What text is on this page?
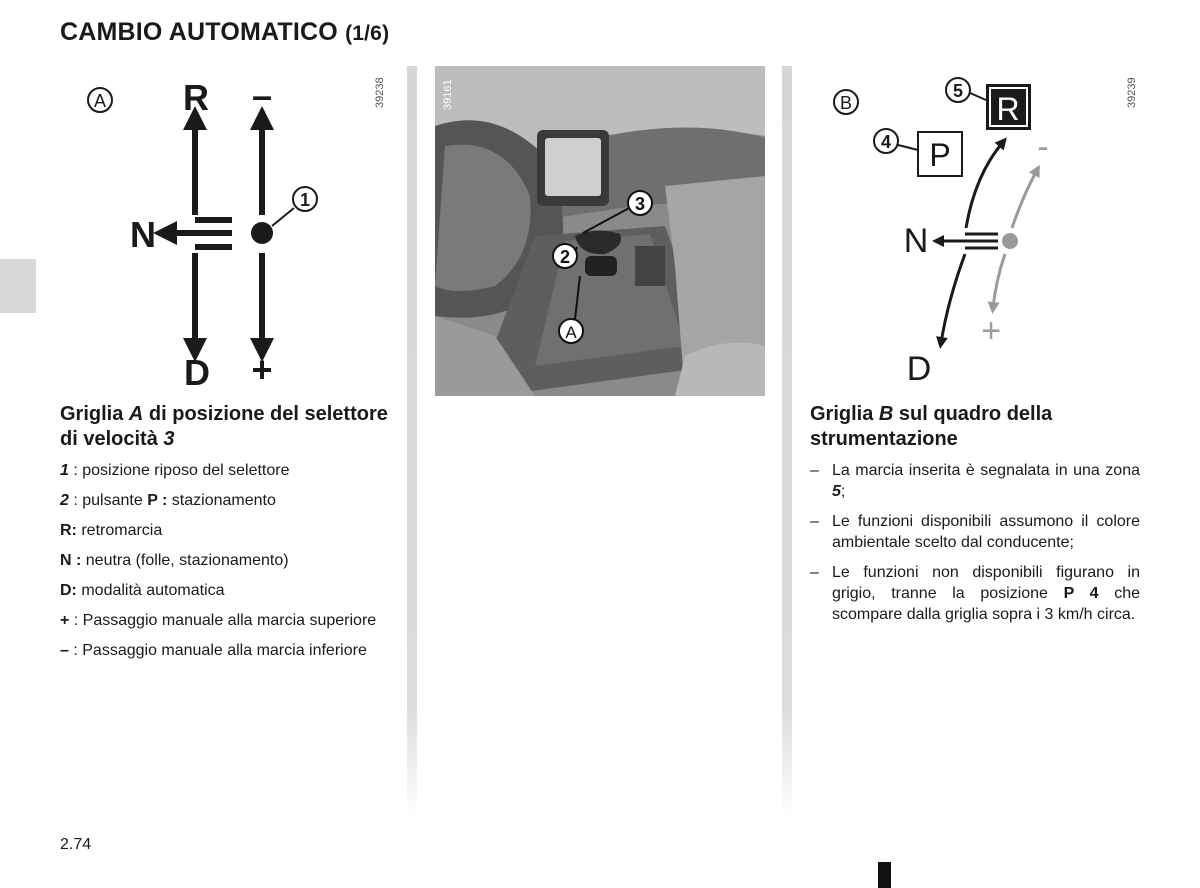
CAMBIO AUTOMATICO (1/6)
A R –
N
D +
1
39238	39161
3
2
A
B
5 R
4 P	-
N
D
+
39239
Griglia A di posizione del selettore di velocità 3

1 : posizione riposo del selettore

2 : pulsante P : stazionamento

R: retromarcia

N : neutra (folle, stazionamento)

D: modalità automatica

+ : Passaggio manuale alla marcia superiore

– : Passaggio manuale alla marcia inferiore

Griglia B sul quadro della strumentazione
– La marcia inserita è segnalata in una zona 5;
– Le funzioni disponibili assumono il colore ambientale scelto dal conducente;
– Le funzioni non disponibili figurano in grigio, tranne la posizione P 4 che scompare dalla griglia sopra i 3 km/h circa.
2.74
